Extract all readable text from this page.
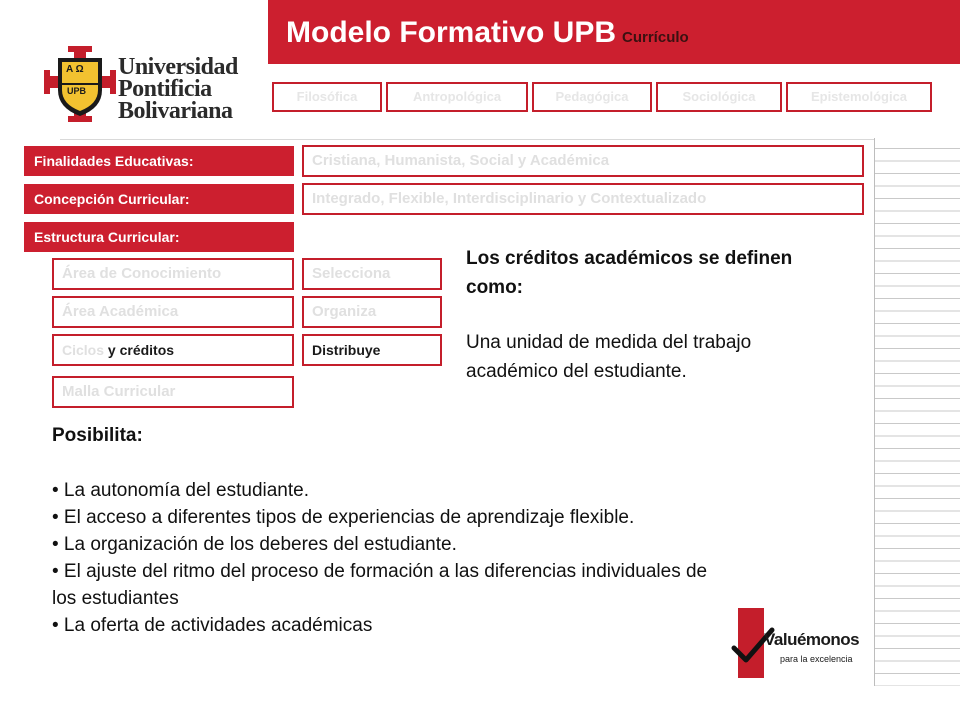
Modelo Formativo UPB Currículo
Universidad
Pontificia
Bolivariana
A Ω
UPB	Filosófica	Antropológica	Pedagógica	Sociológica	Epistemológica
Finalidades Educativas:	Cristiana, Humanista, Social y Académica
Concepción Curricular:	Integrado, Flexible, Interdisciplinario y Contextualizado
Estructura Curricular:
Área de Conocimiento	Selecciona
Área Académica	Organiza
Ciclos y créditos	Distribuye
Malla Curricular
Los créditos académicos se definen como:
Una unidad de medida del trabajo académico del estudiante.
Posibilita:
• La autonomía del estudiante.
• El acceso a diferentes tipos de experiencias de aprendizaje flexible.
• La organización de los deberes del estudiante.
• El ajuste del ritmo del proceso de formación a las diferencias individuales de los estudiantes
• La oferta de actividades académicas
Valuémonos
para la excelencia
